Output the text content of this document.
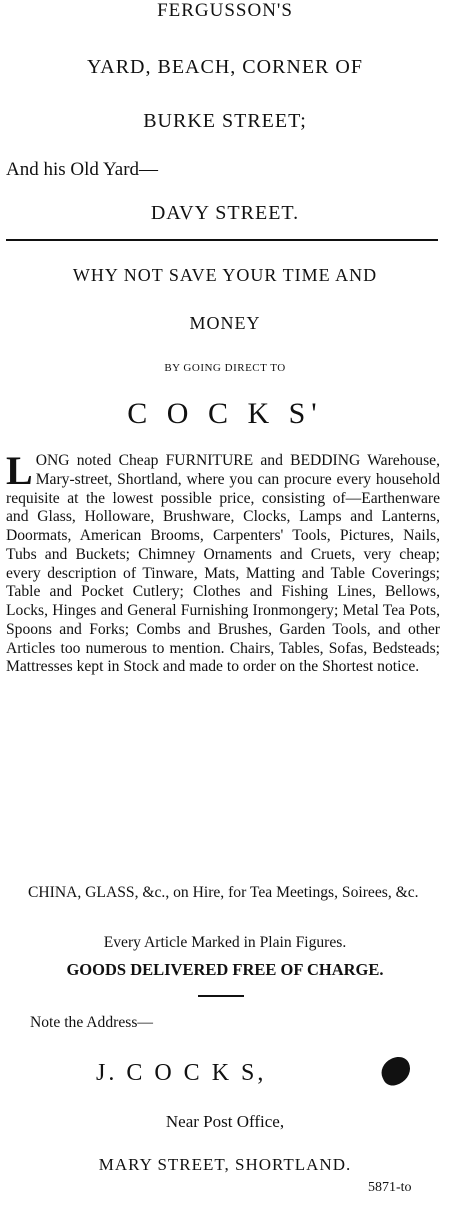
FERGUSSON'S
YARD, BEACH, CORNER OF
BURKE STREET;
And his Old Yard—
DAVY STREET.
WHY NOT SAVE YOUR TIME AND
MONEY
BY GOING DIRECT TO
C O C K S'
L ONG noted Cheap FURNITURE and BEDDING Warehouse, Mary-street, Shortland, where you can procure every household requisite at the lowest possible price, consisting of—Earthenware and Glass, Holloware, Brushware, Clocks, Lamps and Lanterns, Doormats, American Brooms, Carpenters' Tools, Pictures, Nails, Tubs and Buckets; Chimney Ornaments and Cruets, very cheap; every description of Tinware, Mats, Matting and Table Coverings; Table and Pocket Cutlery; Clothes and Fishing Lines, Bellows, Locks, Hinges and General Furnishing Ironmongery; Metal Tea Pots, Spoons and Forks; Combs and Brushes, Garden Tools, and other Articles too numerous to mention. Chairs, Tables, Sofas, Bedsteads; Mattresses kept in Stock and made to order on the Shortest notice.
CHINA, GLASS, &c., on Hire, for Tea Meetings, Soirees, &c.
Every Article Marked in Plain Figures.
GOODS DELIVERED FREE OF CHARGE.
Note the Address—
J. C O C K S,
Near Post Office,
MARY STREET, SHORTLAND.
5871-to
